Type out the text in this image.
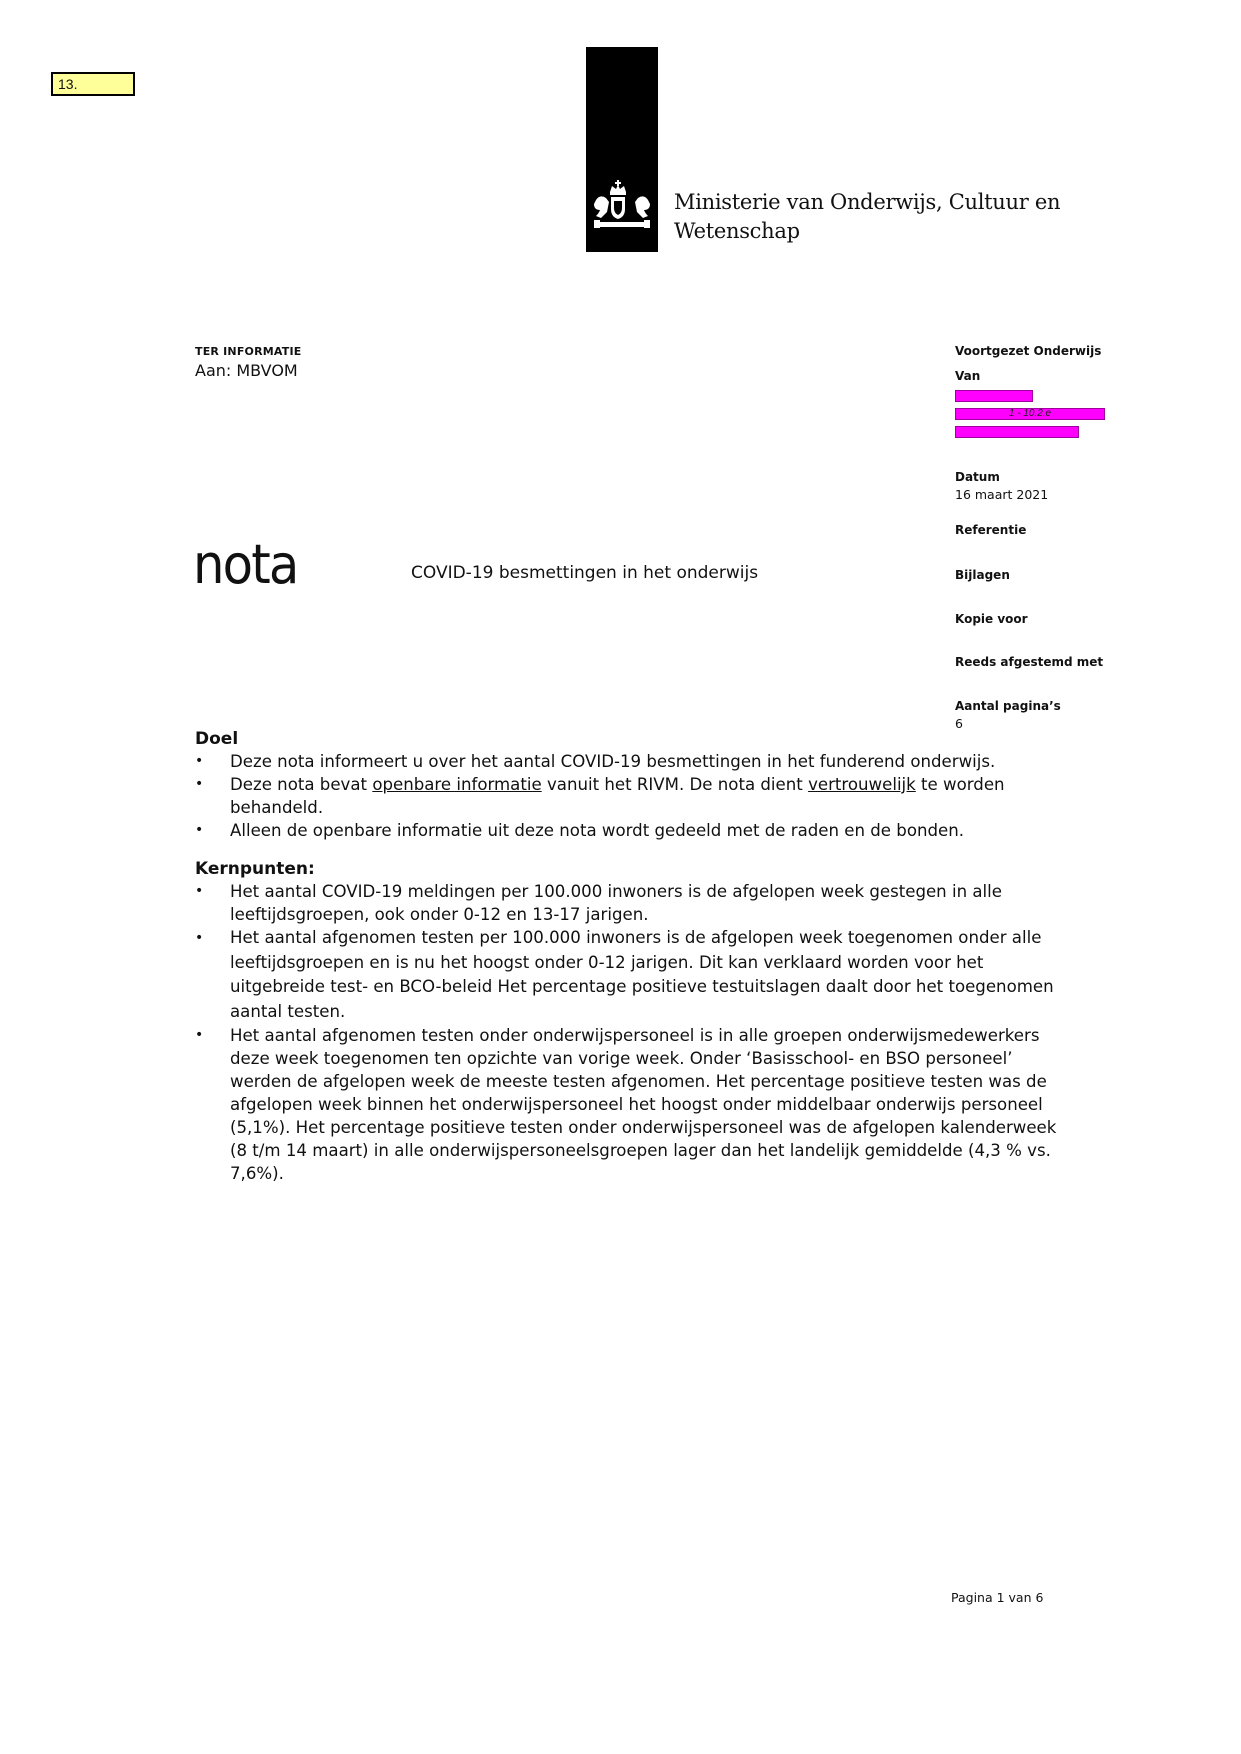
13.
Ministerie van Onderwijs, Cultuur en
Wetenschap
TER INFORMATIE
Aan: MBVOM
nota	COVID-19 besmettingen in het onderwijs
Voortgezet Onderwijs
Van
1 - 10.2.e
Datum
16 maart 2021
Referentie
Bijlagen
Kopie voor
Reeds afgestemd met
Aantal pagina’s
6
Doel
• Deze nota informeert u over het aantal COVID-19 besmettingen in het funderend onderwijs.
• Deze nota bevat openbare informatie vanuit het RIVM. De nota dient vertrouwelijk te worden behandeld.
• Alleen de openbare informatie uit deze nota wordt gedeeld met de raden en de bonden.
Kernpunten:
• Het aantal COVID-19 meldingen per 100.000 inwoners is de afgelopen week gestegen in alle leeftijdsgroepen, ook onder 0-12 en 13-17 jarigen.
• Het aantal afgenomen testen per 100.000 inwoners is de afgelopen week toegenomen onder alle leeftijdsgroepen en is nu het hoogst onder 0-12 jarigen. Dit kan verklaard worden voor het uitgebreide test- en BCO-beleid Het percentage positieve testuitslagen daalt door het toegenomen aantal testen.
• Het aantal afgenomen testen onder onderwijspersoneel is in alle groepen onderwijsmedewerkers deze week toegenomen ten opzichte van vorige week. Onder ‘Basisschool- en BSO personeel’ werden de afgelopen week de meeste testen afgenomen. Het percentage positieve testen was de afgelopen week binnen het onderwijspersoneel het hoogst onder middelbaar onderwijs personeel (5,1%). Het percentage positieve testen onder onderwijspersoneel was de afgelopen kalenderweek (8 t/m 14 maart) in alle onderwijspersoneelsgroepen lager dan het landelijk gemiddelde (4,3 % vs. 7,6%).
Pagina 1 van 6
